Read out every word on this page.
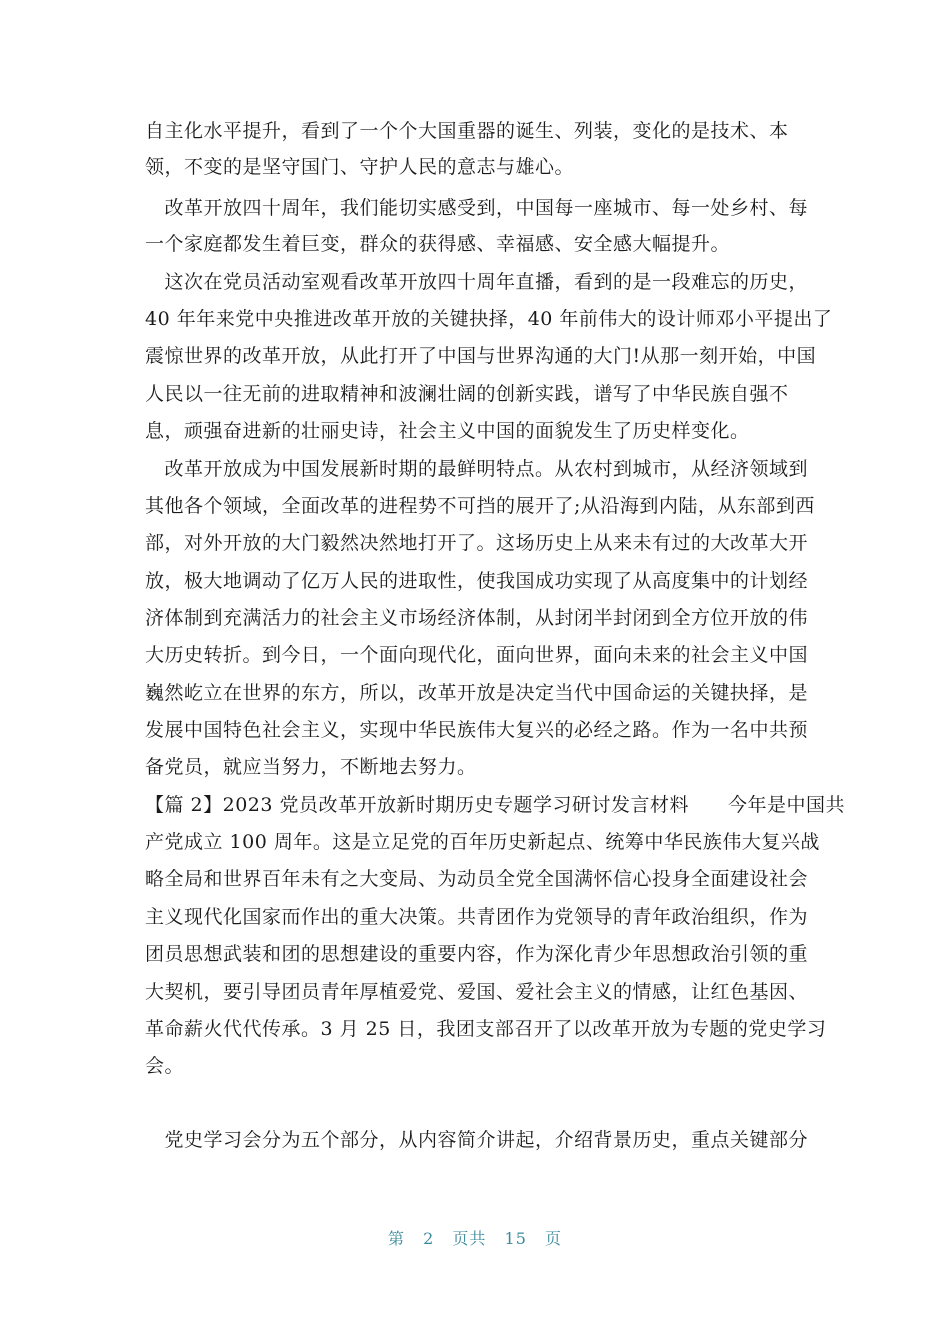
自主化水平提升，看到了一个个大国重器的诞生、列装，变化的是技术、本
领，不变的是坚守国门、守护人民的意志与雄心。
　改革开放四十周年，我们能切实感受到，中国每一座城市、每一处乡村、每
一个家庭都发生着巨变，群众的获得感、幸福感、安全感大幅提升。
　这次在党员活动室观看改革开放四十周年直播，看到的是一段难忘的历史，
40 年年来党中央推进改革开放的关键抉择，40 年前伟大的设计师邓小平提出了
震惊世界的改革开放，从此打开了中国与世界沟通的大门!从那一刻开始，中国
人民以一往无前的进取精神和波澜壮阔的创新实践，谱写了中华民族自强不
息，顽强奋进新的壮丽史诗，社会主义中国的面貌发生了历史样变化。
　改革开放成为中国发展新时期的最鲜明特点。从农村到城市，从经济领域到
其他各个领域，全面改革的进程势不可挡的展开了;从沿海到内陆，从东部到西
部，对外开放的大门毅然决然地打开了。这场历史上从来未有过的大改革大开
放，极大地调动了亿万人民的进取性，使我国成功实现了从高度集中的计划经
济体制到充满活力的社会主义市场经济体制，从封闭半封闭到全方位开放的伟
大历史转折。到今日，一个面向现代化，面向世界，面向未来的社会主义中国
巍然屹立在世界的东方，所以，改革开放是决定当代中国命运的关键抉择，是
发展中国特色社会主义，实现中华民族伟大复兴的必经之路。作为一名中共预
备党员，就应当努力，不断地去努力。
【篇 2】2023 党员改革开放新时期历史专题学习研讨发言材料　　今年是中国共
产党成立 100 周年。这是立足党的百年历史新起点、统筹中华民族伟大复兴战
略全局和世界百年未有之大变局、为动员全党全国满怀信心投身全面建设社会
主义现代化国家而作出的重大决策。共青团作为党领导的青年政治组织，作为
团员思想武装和团的思想建设的重要内容，作为深化青少年思想政治引领的重
大契机，要引导团员青年厚植爱党、爱国、爱社会主义的情感，让红色基因、
革命薪火代代传承。3 月 25 日，我团支部召开了以改革开放为专题的党史学习
会。
　党史学习会分为五个部分，从内容简介讲起，介绍背景历史，重点关键部分
第 2 页共 15 页
